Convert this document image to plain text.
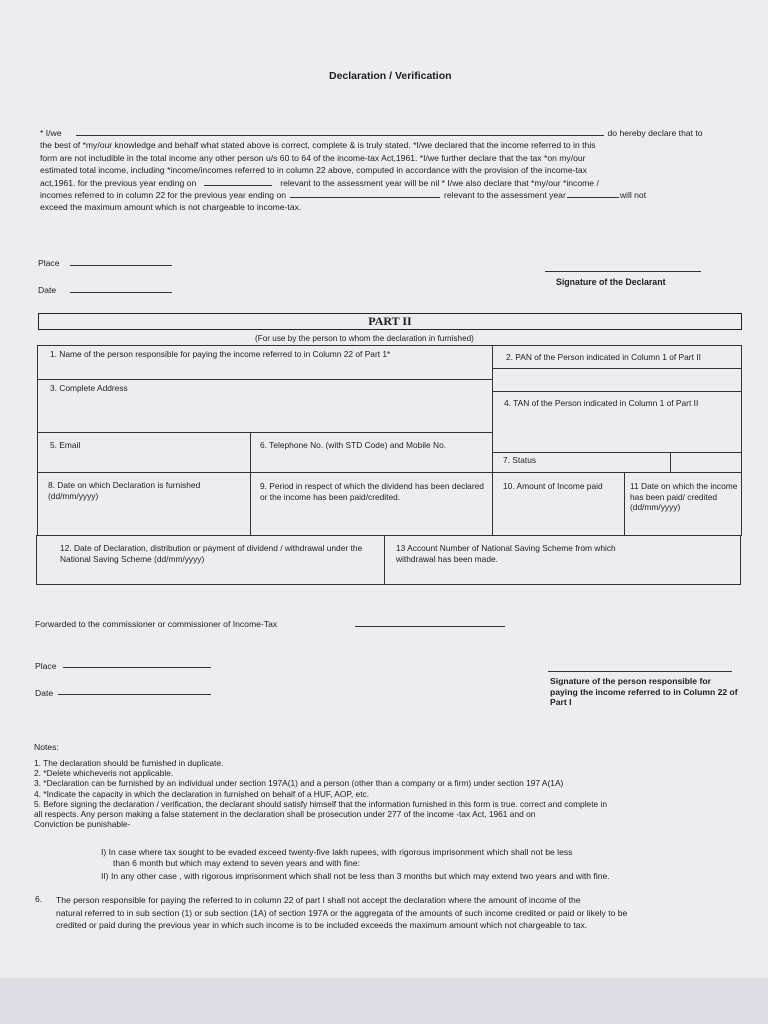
Declaration / Verification
* I/we	do hereby declare that to
the best of *my/our knowledge and behalf what stated above is correct, complete & is truly stated. *I/we declared that the income referred to in this
form are not includible in the total income any other person u/s 60 to 64 of the income-tax Act,1961. *I/we further declare that the tax *on my/our
estimated total income, including *income/incomes referred to in column 22 above, computed in accordance with the provision of the income-tax
act,1961. for the previous year ending on	relevant to the assessment year will be nil * I/we also declare that *my/our *income /
incomes referred to in column 22 for the previous year ending on	relevant to the assessment year	will not
exceed the maximum amount which is not chargeable to income-tax.
Place
Date
Signature of the Declarant
PART II
(For use by the person to whom the declaration in furnished)
1. Name of the person responsible for paying the income referred to in Column 22 of Part 1*	2. PAN of the Person indicated in Column 1 of Part II
3. Complete Address
4. TAN of the Person indicated in Column 1 of Part II
5. Email	6. Telephone No. (with STD Code) and Mobile No.
7. Status
8. Date on which Declaration is furnished (dd/mm/yyyy)
9. Period in respect of which the dividend has been declared or the income has been paid/credited.
10. Amount of Income paid	11 Date on which the income has been paid/ credited (dd/mm/yyyy)
12. Date of Declaration, distribution or payment of dividend / withdrawal under the National Saving Scheme (dd/mm/yyyy)
13 Account Number of National Saving Scheme from which withdrawal has been made.
Forwarded to the commissioner or commissioner of Income-Tax
Place
Date
Signature of the person responsible for paying the income referred to in Column 22 of Part I
Notes:
1. The declaration should be furnished in duplicate.
2. *Delete whicheveris not applicable.
3. *Declaration can be furnished by an individual under section 197A(1) and a person (other than a company or a firm) under section 197 A(1A)
4. *Indicate the capacity in which the declaration in furnished on behalf of a HUF, AOP, etc.
5. Before signing the declaration / verification, the declarant should satisfy himself that the information furnished in this form is true. correct and complete in
all respects. Any person making a false statement in the declaration shall be prosecution under 277 of the income -tax Act, 1961 and on
Conviction be punishable-
I) In case where tax sought to be evaded exceed twenty-five lakh rupees, with rigorous imprisonment which shall not be less
than 6 month but which may extend to seven years and with fine:
II) In any other case , with rigorous imprisonment which shall not be less than 3 months but which may extend two years and with fine.
6. The person responsible for paying the referred to in column 22 of part I shall not accept the declaration where the amount of income of the
natural referred to in sub section (1) or sub section (1A) of section 197A or the aggregata of the amounts of such income credited or paid or likely to be
credited or paid during the previous year in which such income is to be included exceeds the maximum amount which not chargeable to tax.
